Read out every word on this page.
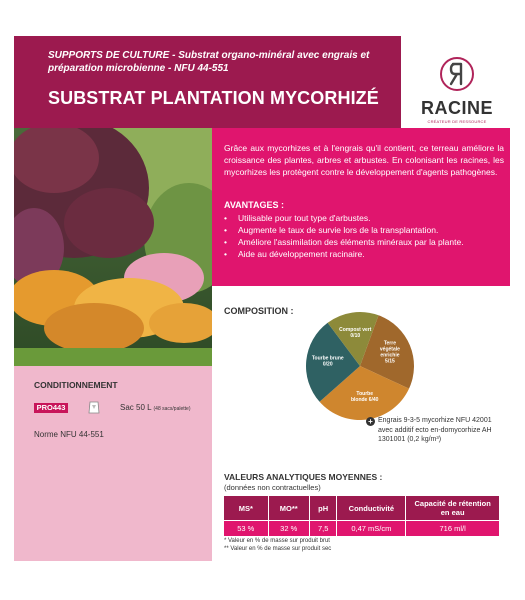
SUPPORTS DE CULTURE - Substrat organo-minéral avec engrais et préparation microbienne - NFU 44-551
SUBSTRAT PLANTATION MYCORHIZÉ	RACINE
CRÉATEUR DE RESSOURCE
Grâce aux mycorhizes et à l'engrais qu'il contient, ce terreau améliore la croissance des plantes, arbres et arbustes. En colonisant les racines, les mycorhizes les protègent contre le développement d'agents pathogènes.
AVANTAGES :
• Utilisable pour tout type d'arbustes.
• Augmente le taux de survie lors de la transplantation.
• Améliore l'assimilation des éléments minéraux par la plante.
• Aide au développement racinaire.
COMPOSITION :
Terre végétale enrichie 5/15
Tourbe blonde 6/40
Tourbe brune 0/20
Compost vert 0/10
+ Engrais 9-3-5 mycorhize NFU 42001 avec additif ecto en-domycorhize AH 1301001 (0,2 kg/m³)
CONDITIONNEMENT
PRO443	Sac 50 L (48 sacs/palette)
Norme NFU 44-551
VALEURS ANALYTIQUES MOYENNES :
(données non contractuelles)
MS*	MO**	pH	Conductivité	Capacité de rétention en eau
53 %	32 %	7,5	0,47 mS/cm	716 ml/l
* Valeur en % de masse sur produit brut
** Valeur en % de masse sur produit sec
